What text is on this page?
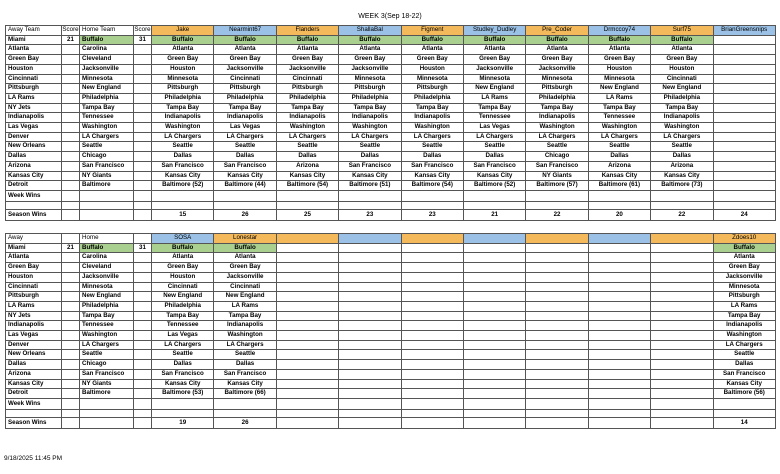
WEEK 3(Sep 18-22)
Away Team	Score	Home Team	Score	Jake	Nearmint67	Flanders	ShallaBal	Figment	Studley_Dudley	Pre_Coder	Drmccoy74	Surf75	BrianGreensnips
Miami	21	Buffalo	31	Buffalo	Buffalo	Buffalo	Buffalo	Buffalo	Buffalo	Buffalo	Buffalo	Buffalo	
Atlanta		Carolina		Atlanta	Atlanta	Atlanta	Atlanta	Atlanta	Atlanta	Atlanta	Atlanta	Atlanta	
Green Bay		Cleveland		Green Bay	Green Bay	Green Bay	Green Bay	Green Bay	Green Bay	Green Bay	Green Bay	Green Bay	
Houston		Jacksonville		Houston	Jacksonville	Jacksonville	Jacksonville	Houston	Jacksonville	Jacksonville	Houston	Houston	
Cincinnati		Minnesota		Minnesota	Cincinnati	Cincinnati	Minnesota	Minnesota	Minnesota	Minnesota	Minnesota	Cincinnati	
Pittsburgh		New England		Pittsburgh	Pittsburgh	Pittsburgh	Pittsburgh	Pittsburgh	New England	Pittsburgh	New England	New England	
LA Rams		Philadelphia		Philadelphia	Philadelphia	Philadelphia	Philadelphia	Philadelphia	LA Rams	Philadelphia	LA Rams	Philadelphia	
NY Jets		Tampa Bay		Tampa Bay	Tampa Bay	Tampa Bay	Tampa Bay	Tampa Bay	Tampa Bay	Tampa Bay	Tampa Bay	Tampa Bay	
Indianapolis		Tennessee		Indianapolis	Indianapolis	Indianapolis	Indianapolis	Indianapolis	Tennessee	Indianapolis	Tennessee	Indianapolis	
Las Vegas		Washington		Washington	Las Vegas	Washington	Washington	Washington	Las Vegas	Washington	Washington	Washington	
Denver		LA Chargers		LA Chargers	LA Chargers	LA Chargers	LA Chargers	LA Chargers	LA Chargers	LA Chargers	LA Chargers	LA Chargers	
New Orleans		Seattle		Seattle	Seattle	Seattle	Seattle	Seattle	Seattle	Seattle	Seattle	Seattle	
Dallas		Chicago		Dallas	Dallas	Dallas	Dallas	Dallas	Dallas	Chicago	Dallas	Dallas	
Arizona		San Francisco		San Francisco	San Francisco	Arizona	San Francisco	San Francisco	San Francisco	San Francisco	Arizona	Arizona	
Kansas City		NY Giants		Kansas City	Kansas City	Kansas City	Kansas City	Kansas City	Kansas City	NY Giants	Kansas City	Kansas City	
Detroit		Baltimore		Baltimore (52)	Baltimore (44)	Baltimore (54)	Baltimore (51)	Baltimore (54)	Baltimore (52)	Baltimore (57)	Baltimore (61)	Baltimore (73)	
Week Wins													

Season Wins				15	26	25	23	23	21	22	20	22	24
Away		Home		SOSA	Lonestar								Zdoes10
Miami	21	Buffalo	31	Buffalo	Buffalo								Buffalo
Atlanta		Carolina		Atlanta	Atlanta								Atlanta
Green Bay		Cleveland		Green Bay	Green Bay								Green Bay
Houston		Jacksonville		Houston	Jacksonville								Jacksonville
Cincinnati		Minnesota		Cincinnati	Cincinnati								Minnesota
Pittsburgh		New England		New England	New England								Pittsburgh
LA Rams		Philadelphia		Philadelphia	LA Rams								LA Rams
NY Jets		Tampa Bay		Tampa Bay	Tampa Bay								Tampa Bay
Indianapolis		Tennessee		Tennessee	Indianapolis								Indianapolis
Las Vegas		Washington		Las Vegas	Washington								Washington
Denver		LA Chargers		LA Chargers	LA Chargers								LA Chargers
New Orleans		Seattle		Seattle	Seattle								Seattle
Dallas		Chicago		Dallas	Dallas								Dallas
Arizona		San Francisco		San Francisco	San Francisco								San Francisco
Kansas City		NY Giants		Kansas City	Kansas City								Kansas City
Detroit		Baltimore		Baltimore (53)	Baltimore (66)								Baltimore (56)
Week Wins													

Season Wins				19	26								14
9/18/2025 11:45 PM
